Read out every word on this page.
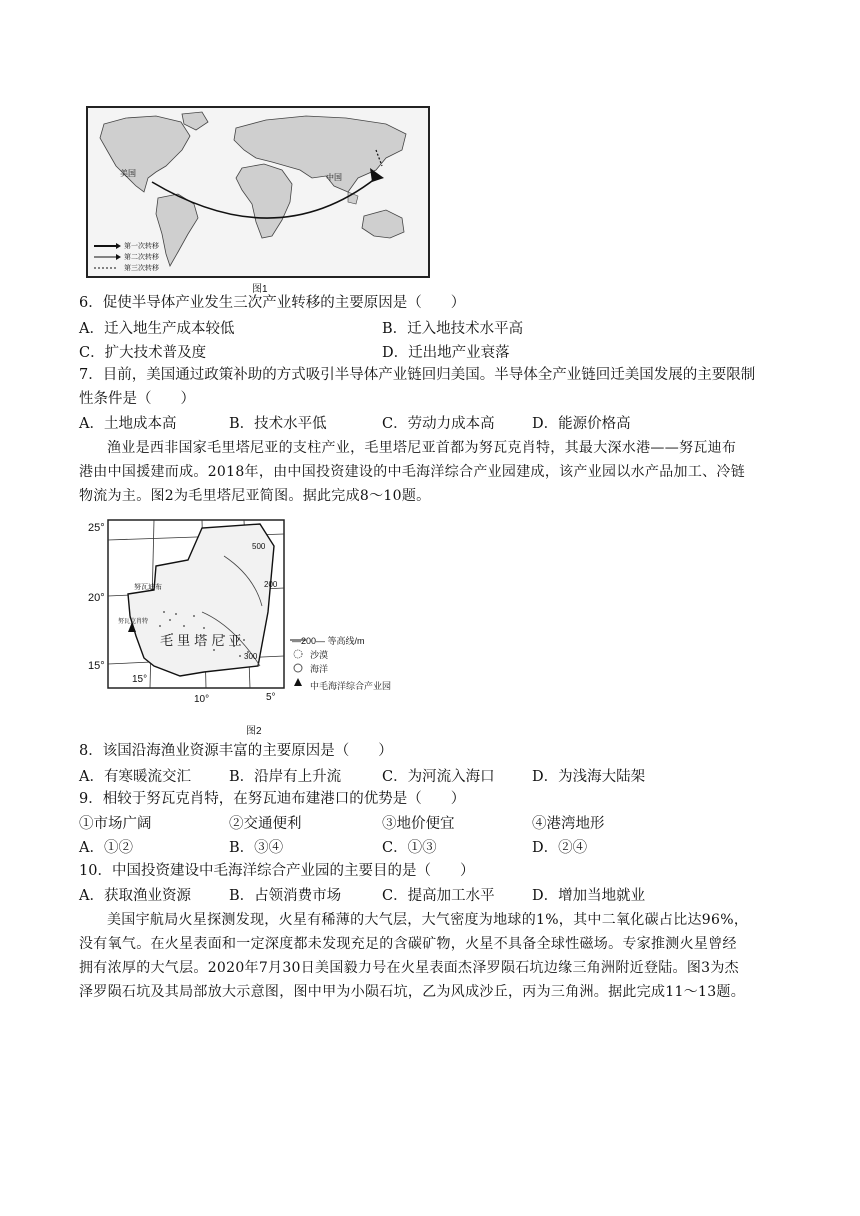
美国	中国
第一次转移
第二次转移
第三次转移
图1
6．促使半导体产业发生三次产业转移的主要原因是（　　）
A．迁入地生产成本较低	B．迁入地技术水平高
C．扩大技术普及度	D．迁出地产业衰落
7．目前，美国通过政策补助的方式吸引半导体产业链回归美国。半导体全产业链回迁美国发展的主要限制
性条件是（　　）
A．土地成本高	B．技术水平低	C．劳动力成本高	D．能源价格高
渔业是西非国家毛里塔尼亚的支柱产业，毛里塔尼亚首都为努瓦克肖特，其最大深水港——努瓦迪布
港由中国援建而成。2018年，由中国投资建设的中毛海洋综合产业园建成，该产业园以水产品加工、冷链
物流为主。图2为毛里塔尼亚简图。据此完成8～10题。
25°
20°
15°
15°
10°	5°
毛 里 塔 尼 亚
500
200
300
努瓦迪布
努瓦克肖特
—200— 等高线/m
沙漠
海洋
中毛海洋综合产业园
图2
8．该国沿海渔业资源丰富的主要原因是（　　）
A．有寒暖流交汇	B．沿岸有上升流	C．为河流入海口	D．为浅海大陆架
9．相较于努瓦克肖特，在努瓦迪布建港口的优势是（　　）
①市场广阔	②交通便利	③地价便宜	④港湾地形
A．①②	B．③④	C．①③	D．②④
10．中国投资建设中毛海洋综合产业园的主要目的是（　　）
A．获取渔业资源	B．占领消费市场	C．提高加工水平	D．增加当地就业
美国宇航局火星探测发现，火星有稀薄的大气层，大气密度为地球的1%，其中二氧化碳占比达96%，
没有氧气。在火星表面和一定深度都未发现充足的含碳矿物，火星不具备全球性磁场。专家推测火星曾经
拥有浓厚的大气层。2020年7月30日美国毅力号在火星表面杰泽罗陨石坑边缘三角洲附近登陆。图3为杰
泽罗陨石坑及其局部放大示意图，图中甲为小陨石坑，乙为风成沙丘，丙为三角洲。据此完成11～13题。
